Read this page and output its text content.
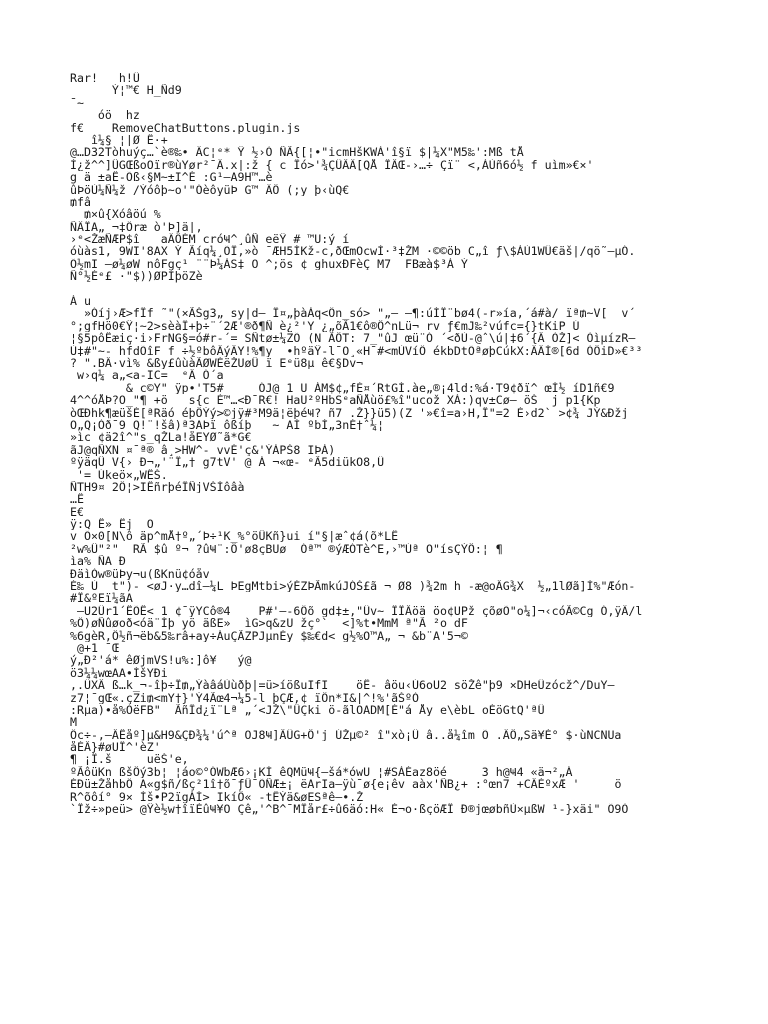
Rar!   h!Û
Ý¦™€ H_Ñd9
¯~
óö  hz
f€    RemoveChatButtons.plugin.js
î¼§ ¦|Ø Ê·+
@…D32Tòhuýç…`è®‰• ÄC¦ᵉ* Ÿ ½›Ò ÑÃ{[¦•"icmHšKWÀ'î§ï $|¼X"M5‰':Mß tÅ
Ì¿ž^^]ÜGŒßoOïr®ùYør²¯Ä.x|:ž { c Îó>'¾ÇÛÂÄ[QÅ ÎÂŒ-›…÷ Çï¨ <,ÀÙñ6ó½ f uìm»€×'
g ä ±aÊ-Õß‹§M~±I^É :G¹–A9H™…è
ûÞöÙ¼Ñ¼ž_/Ýóôþ~o'"ÓèôyüÞ_G™ ÄÖ (;y þ‹ùQ€
₥fâ
₥×û{Xóâöú %
ÑÄÏA„ ¬‡Ôræ ò'Þ]ä|,
›ᵉ<ŽæÑÆP$î   aÄÖÉM_cróҸ^¸ûÑ eëŸ # ™U:ý í
óùàs1, 9WI'8AX Ý Ãíq¼¸ÕÏ,»ò ¯ÆH5ÍKž-c,ðŒmOcwÌ·³‡ŽM ·©©öb C„î ƒ\$ÀÙ1WÛ€äš|/qö˜–µÓ.
Õ½mI –ø¼øW nôFgç¹ ¨¨Þ¼ÀS‡ O ^;ös ¢ ghuxÐFèÇ M7  FBæà$³À Ý
Ñ°½Éᵉ£ ·"$))ØPÍþöZè
Á u
»Óíj›Æ>fÏf ˜"(×ÃŠg3„ sy|d— Ï¤„þàÀq<Ôn_só> "„– –¶:úÍÏ¨bø4(-r»ía,´á#à/ ïª₥~V[  v´
°;gfHö0€Ÿ¦~2>sèàÏ+þ÷¨´2Æ'®ð¶Ñ è¿²'Y ¿„õÃ1€ô®Ö^nLü¬ rv ƒ€mJ‰²vúfc={}tKiP Ú
¦§5pôÊæiç·i›FrNG§=ó#r-´= SÑtø±¼ZÕ (N ÃÖT: 7_"ûJ œü¨Ó ´<ðÙ-@ˆ\ú|‡6´{Â ÒŽ]< ÒìµízR–
Ù‡#"~- hfdÕîF f_÷½ºbôÂýÂY!%¶y  •hºäŸ-l¯O¸«Ηˉ#<mÙVíÔ ékbDtÕªøþCúkX:ÄÄÍ®[6d ÒÖiD»€³³
? ".BÂ·vì% &ßy£ûùàÃØWÉëŽUøÜ ï Eᵉü8µ ê€§Dv¬
w›q¼ a„<a-IC=  ᵉÂ Ó´a
& c©Y" ÿp•'T5#     ÓJ@ 1 U ÁM$¢„fÈ¤´RtGÍ.àe„®¡4ld:%á·T9¢ðï^ œÍ½ íD1ñ€9
4^^óÅÞ?O_"¶ +ö   s{c È™…<Ð¯R€! HaU²ºHbSᵉaÑÅùö£%î"ucož XÀ:)qv±Cø– öŠ  j p1{Kp
òŒÐhk¶æüšÉ[ªRäó éþÖÝý>©jÿ#³M9ä¦ëþéҸ? ñ7 .Ž}}ü5)(Z '»€î=a›H,Î"=2 È›d2` >¢¾ JÝ&Ðžj
O„Q¡Òð¯9 Q!¨!šâ)ª3AÞï ôßíþ   ~ AÌ ºbÍ„3nÉ†ˆ¼¦
»ìc ¢ä2î^"s_qŽLa!åEYØ˜ã*G€
ãJ@qÑXN ¤¯ª® â¸>HW^- vvÉ'ç&'ÝÀPŠ8 IÞÀ)
ºÿäqÜ V{› Ð¬„'¨Ï„† g7tV' @ Á ¬«œ- ᵉÃ5diükO8,Û
'= Úkeö×„WÊŠ.
ÑTH9¤ 2Ö¦>IÊñrþéÎÑjVŠÍôâà
…Ê
E€
ÿ:Q Ê» Ëj  O
v Õ×0[N\ô äp^mÅ†º„´Þ÷¹K_%°öÜKñ}ui í"§|æˆ¢á(õ*LË
²w%Ü"²"  RÃ $û º¬ ?ûҸ¨:Ö'ø8çBUø  Óª™ ®ýÆÓTè^E,›™Úª O"ísÇÝÖ:¦ ¶
ìa% ÑA Ð
ÐäìÒw®üÞy¬u(ßKnü¢óåv
É‰ Ù  t")- <øJ·y…dî–¼L ÞEgMtbi>ýÉZÞÃmkúJÓŠ£ã ¬ Ø8 )¾2m h -æ@oÂG¾X  ½„1lØã]Ì%"Æón-
#Ï&ºEï¼ãA
–U2Ûr1´ÊÕÊ< 1 ¢¯ÿYCô®4    P#'—-6Ôõ gd‡±,"Ûv~ ÏÏÂöä öo¢UPž çõøÕ"o¼]¬‹cóÃ©Cg Ó,ÿÄ/l
%Ô)øÑûøoð<óä¨Íþ yö äßE»  ìG>q&zU žç°`  <]%t•MmM ª"Ã ²o dF
%6gèR,Ö½ñ¬ëb&5‰râ+ay÷ÁuÇÃZPJµnÈy $‰€d< g½%O™A„ ¬ &b¨A'5¬©
@+1 ¯Œ
ý„Ð²'á* êØjmVS!u%:]ô¥   ý@
ö3¼¼wœAA•ÌšYÐi
,.ÛXÄ ß…k_¬-îþ÷Ï₥„ÝàâáÙùðþ|=ü>íößuIfI    öË- âöu‹Ú6oU2 söŽê"þ9 ×DHeÛzócž^/DuY–
z7¦¯gŒ«.çZi₥<mY†}'Ý4Ãœ4¬¼5-l þÇÆ,¢ ïÖn*I&|^!%'ãŠºÒ
:Rµa)•å%ÒëFB"  ÃñÎd¿ï¨Lª „´<JŽ\"ÜÇki ö-ãlOADM[É"á Åy e\èbL oÉöGtQ'ªÛ
M
Ôc÷-,—ÂÊåº]µ&H9&ÇÐ¾¼'ú^ª OJ8Ҹ]ÂÛG+Ö'j ÚŽµ©² î"xò¡Û â..å¼îm Õ .ÄÖ„Sä¥È° $·ùNCNUa
åÉÂ}#øUÏ^'èZ'
¶ ¡Ï.š     uëŠ'e,
ºÃôüKn_ßšÖý3b¦ ¦áo©°ÓWbÆ6›¡KÍ êQMüҸ{–šá*ówU ¦#SÀÉaz8öé     3 h@Ҹ4 «ä¬²„Á
ÉÐü±ŽåhbÔ A«g$ñ/ßç²1î†õ¯ƒÜ¯ÕÑÆ±¡ ëArIa—ÿù¯ø{e¡êv aàx'ÑB¿+ :°œn7 +CÂÈºxÆ '     ö
R^õôí° 9× Ìš•P2ïgÁÍ> IkíÖ« -tÊÝä&øESªê—•.Ž
`Îž÷»peü> @Ÿè½w†îïÈûҸ¥O Çê„'^B^¯MÏår£÷û6äó:H« È¬o·ßçöÆÏ Ð®jœøbñÙ×µßW ¹-}xäi" Õ9Ò
